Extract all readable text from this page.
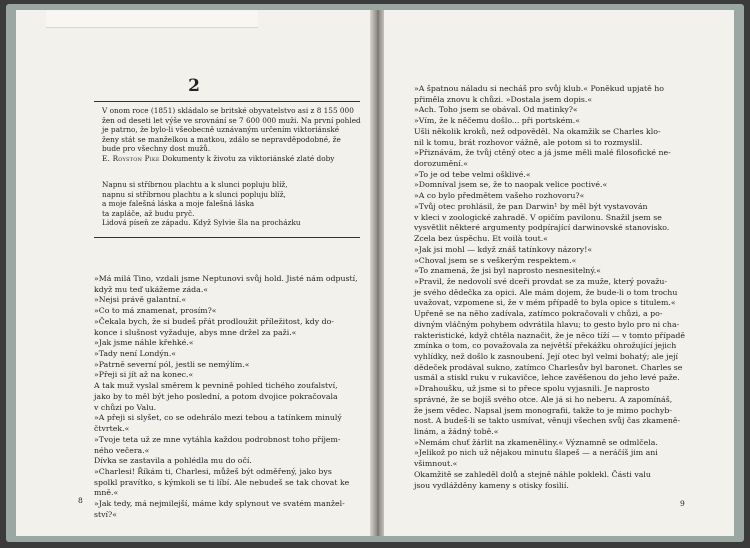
2
V onom roce (1851) skládalo se britské obyvatelstvo asi z 8 155 000
žen od deseti let výše ve srovnání se 7 600 000 muži. Na první pohled
je patrno, že bylo-li všeobecně uznávaným určením viktoriánské
ženy stát se manželkou a matkou, zdálo se nepravděpodobné, že
bude pro všechny dost mužů.
E. Royston Pike Dokumenty k životu za viktoriánské zlaté doby
Napnu si stříbrnou plachtu a k slunci popluju blíž,
napnu si stříbrnou plachtu a k slunci popluju blíž,
a moje falešná láska a moje falešná láska
ta zapláče, až budu pryč.
Lidová píseň ze západu. Když Sylvie šla na procházku
»Má milá Tino, vzdali jsme Neptunovi svůj hold. Jisté nám odpustí,
když mu teď ukážeme záda.«
»Nejsi právě galantní.«
»Co to má znamenat, prosím?«
»Čekala bych, že si budeš přát prodloužit příležitost, kdy do-
konce i slušnost vyžaduje, abys mne držel za paži.«
»Jak jsme náhle křehké.«
»Tady není Londýn.«
»Patrně severní pól, jestli se nemýlím.«
»Přeji si jít až na konec.«
A tak muž vyslal směrem k pevnině pohled tichého zoufalství,
jako by to měl být jeho poslední, a potom dvojice pokračovala
v chůzi po Valu.
»A přeji si slyšet, co se odehrálo mezi tebou a tatínkem minulý
čtvrtek.«
»Tvoje teta už ze mne vytáhla každou podrobnost toho příjem-
ného večera.«
Dívka se zastavila a pohlédla mu do očí.
»Charlesi! Říkám ti, Charlesi, můžeš být odměřený, jako bys
spolkl pravítko, s kýmkoli se ti líbí. Ale nebudeš se tak chovat ke
mně.«
»Jak tedy, má nejmilejší, máme kdy splynout ve svatém manžel-
ství?«
8
»A špatnou náladu si necháš pro svůj klub.« Poněkud upjatě ho
přiměla znovu k chůzi. »Dostala jsem dopis.«
»Ach. Toho jsem se obával. Od matinky?«
»Vím, že k něčemu došlo... při portském.«
Ušli několik kroků, než odpověděl. Na okamžik se Charles klo-
nil k tomu, brát rozhovor vážně, ale potom si to rozmyslil.
»Přiznávám, že tvůj ctěný otec a já jsme měli malé filosofické ne-
dorozumění.«
»To je od tebe velmi ošklivé.«
»Domníval jsem se, že to naopak velice poctivé.«
»A co bylo předmětem vašeho rozhovoru?«
»Tvůj otec prohlásil, že pan Darwin¹ by měl být vystavován
v kleci v zoologické zahradě. V opičím pavilonu. Snažil jsem se
vysvětlit některé argumenty podpírající darwinovské stanovisko.
Zcela bez úspěchu. Et voilà tout.«
»Jak jsi mohl — když znáš tatínkovy názory!«
»Choval jsem se s veškerým respektem.«
»To znamená, že jsi byl naprosto nesnesitelný.«
»Pravil, že nedovolí své dceři provdat se za muže, který považu-
je svého dědečka za opici. Ale mám dojem, že bude-li o tom trochu
uvažovat, vzpomene si, že v mém případě to byla opice s titulem.«
Upřeně se na něho zadívala, zatímco pokračovali v chůzi, a po-
divným vláčným pohybem odvrátila hlavu; to gesto bylo pro ni cha-
rakteristické, když chtěla naznačit, že je něco tíží — v tomto případě
zmínka o tom, co považovala za největší překážku ohrožující jejich
vyhlídky, než došlo k zasnoubení. Její otec byl velmi bohatý; ale její
dědeček prodával sukno, zatímco Charlesův byl baronet. Charles se
usmál a stiskl ruku v rukavičce, lehce zavěšenou do jeho levé paže.
»Drahoušku, už jsme si to přece spolu vyjasnili. Je naprosto
správné, že se bojíš svého otce. Ale já si ho neberu. A zapomínáš,
že jsem vědec. Napsal jsem monografii, takže to je mimo pochyb-
nost. A budeš-li se takto usmívat, věnuji všechen svůj čas zkameně-
linám, a žádný tobě.«
»Nemám chuť žárlit na zkameněliny.« Významně se odmlčela.
»Jelikož po nich už nějakou minutu šlapeš — a neráčíš jim ani
všimnout.«
Okamžitě se zahleděl dolů a stejně náhle poklekl. Části valu
jsou vydlážděny kameny s otisky fosilií.
9
